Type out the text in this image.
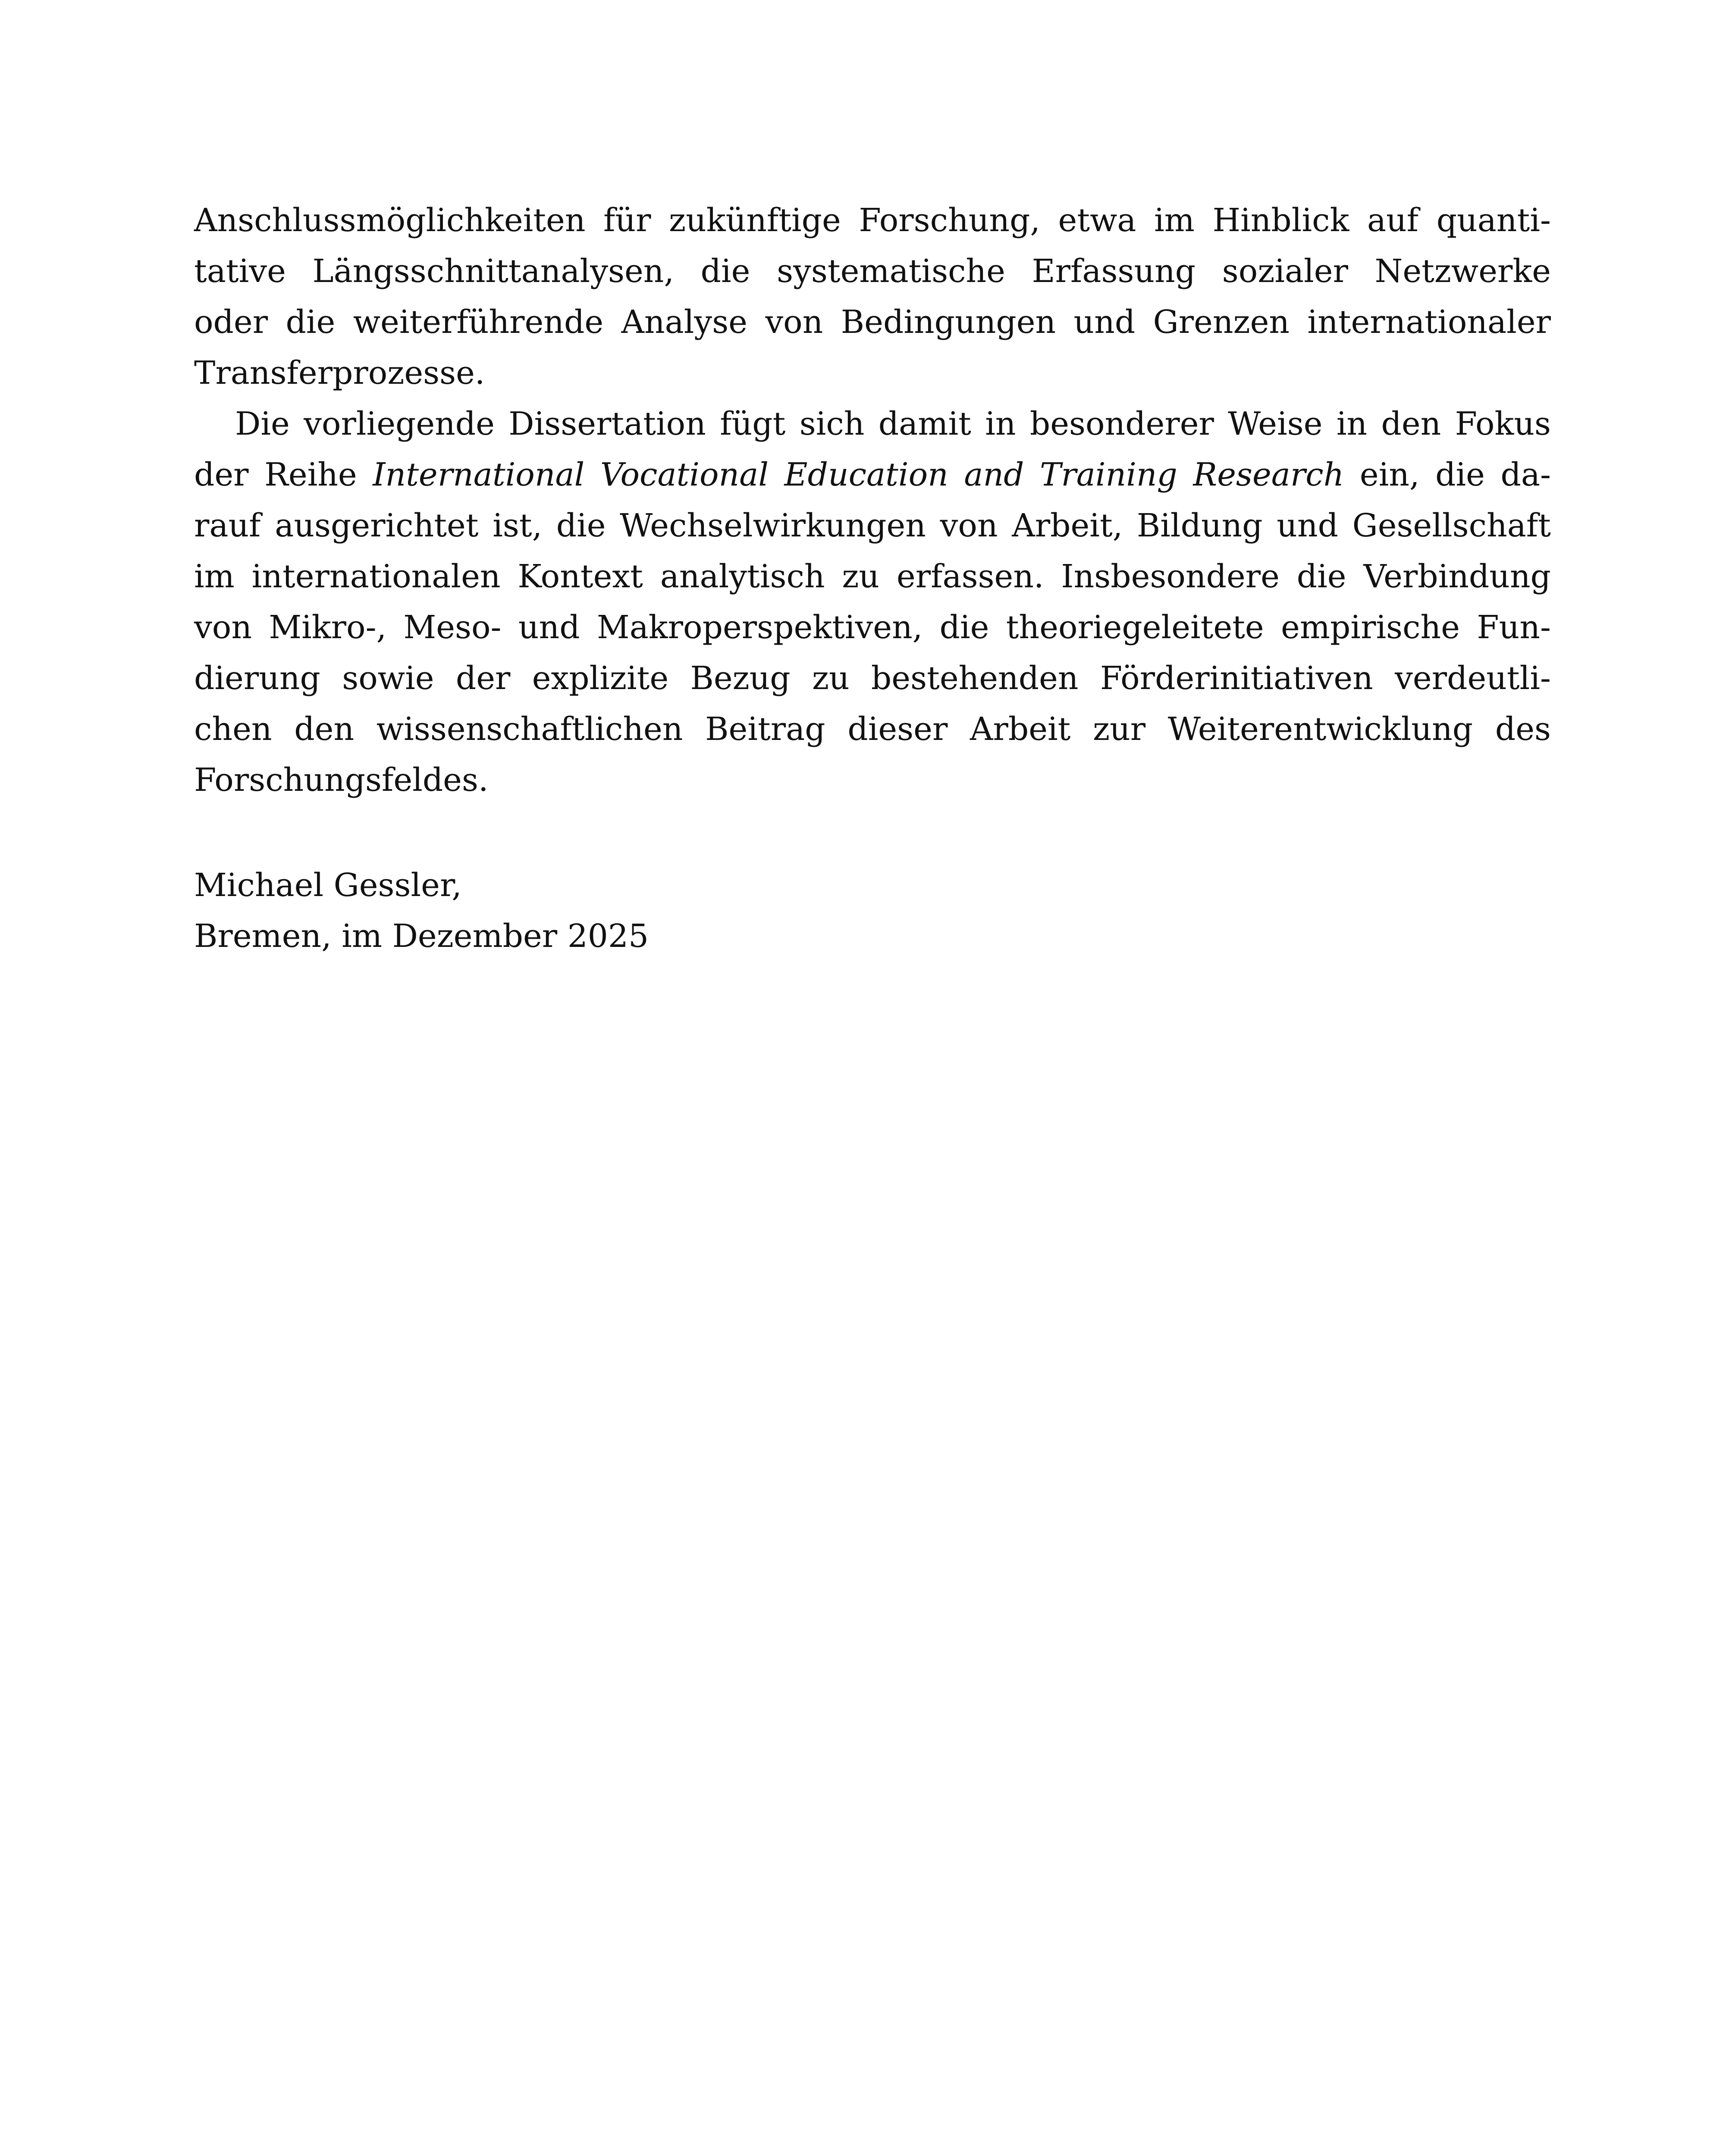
Anschlussmöglichkeiten für zukünftige Forschung, etwa im Hinblick auf quanti-
tative Längsschnittanalysen, die systematische Erfassung sozialer Netzwerke
oder die weiterführende Analyse von Bedingungen und Grenzen internationaler
Transferprozesse.
Die vorliegende Dissertation fügt sich damit in besonderer Weise in den Fokus
der Reihe International Vocational Education and Training Research ein, die da-
rauf ausgerichtet ist, die Wechselwirkungen von Arbeit, Bildung und Gesellschaft
im internationalen Kontext analytisch zu erfassen. Insbesondere die Verbindung
von Mikro-, Meso- und Makroperspektiven, die theoriegeleitete empirische Fun-
dierung sowie der explizite Bezug zu bestehenden Förderinitiativen verdeutli-
chen den wissenschaftlichen Beitrag dieser Arbeit zur Weiterentwicklung des
Forschungsfeldes.
Michael Gessler,
Bremen, im Dezember 2025
